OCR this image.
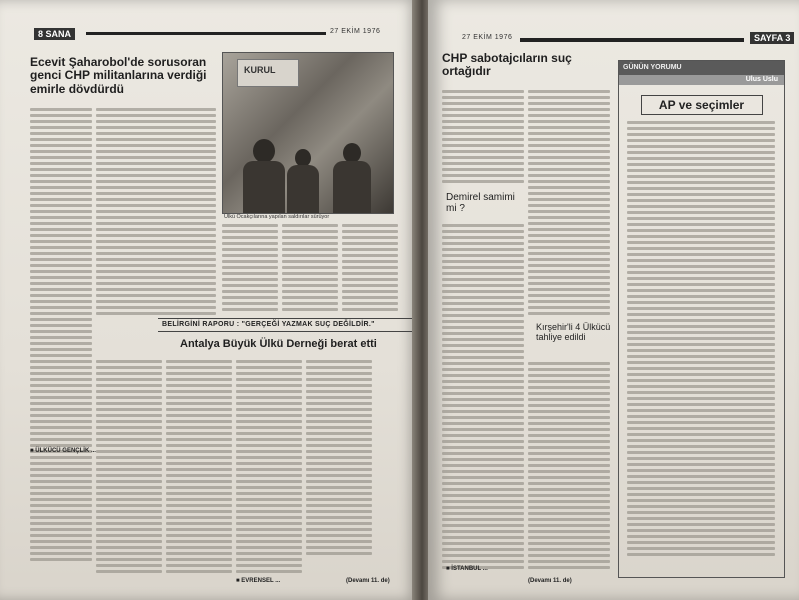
8 SANA	27 EKİM 1976
Ecevit Şaharobol'de sorusoran genci CHP militanlarına verdiği emirle dövdürdü
KURUL
Ülkü Ocakçılarına yapılan saldırılar sürüyor
BELİRGİNİ RAPORU : "GERÇEĞİ YAZMAK SUÇ DEĞİLDİR."
Antalya Büyük Ülkü Derneği berat etti
■ ÜLKÜCÜ GENÇLİK ...
■ EVRENSEL ...	(Devamı 11. de)
27 EKİM 1976	SAYFA 3
CHP sabotajcıların suç ortağıdır
Demirel samimi mi ?
Kırşehir'li 4 Ülkücü tahliye edildi
■ İSTANBUL ...
(Devamı 11. de)
GÜNÜN YORUMU
Ulus Uslu
AP ve seçimler
